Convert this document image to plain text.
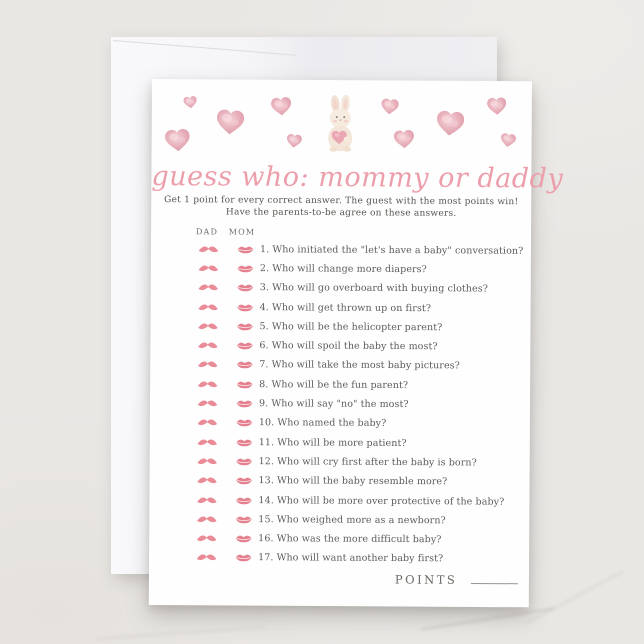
guess who: mommy or daddy
Get 1 point for every correct answer. The guest with the most points win!
Have the parents-to-be agree on these answers.
DAD	MOM
1. Who initiated the "let's have a baby" conversation?
2. Who will change more diapers?
3. Who will go overboard with buying clothes?
4. Who will get thrown up on first?
5. Who will be the helicopter parent?
6. Who will spoil the baby the most?
7. Who will take the most baby pictures?
8. Who will be the fun parent?
9. Who will say "no" the most?
10. Who named the baby?
11. Who will be more patient?
12. Who will cry first after the baby is born?
13. Who will the baby resemble more?
14. Who will be more over protective of the baby?
15. Who weighed more as a newborn?
16. Who was the more difficult baby?
17. Who will want another baby first?
POINTS
